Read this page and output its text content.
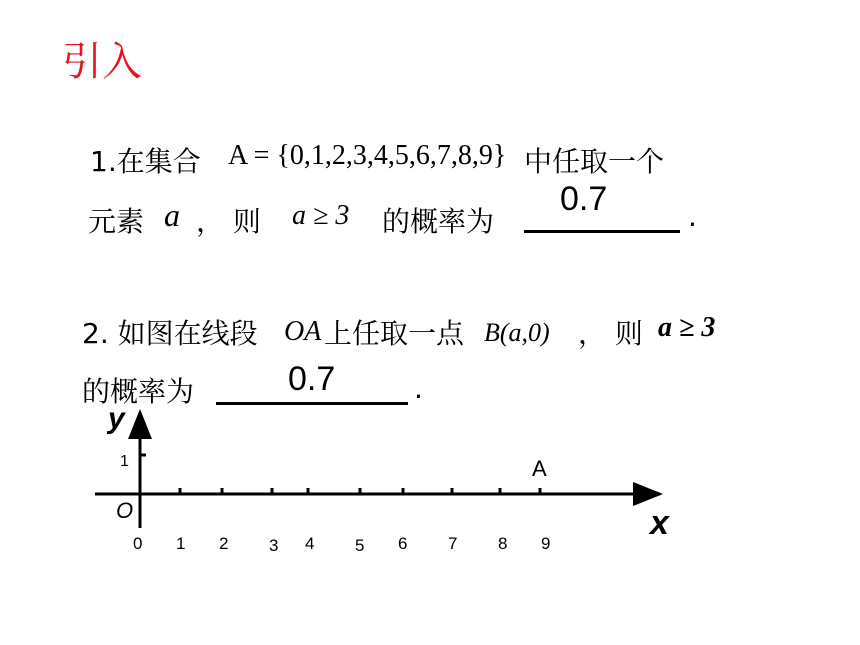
引入
1.在集合 A = {0,1,2,3,4,5,6,7,8,9} 中任取一个
元素 a ， 则 a ≥ 3 的概率为
0.7	.
2. 如图在线段 OA 上任取一点 B(a,0) ， 则 a ≥ 3
的概率为	0.7	.
0 1 2 3 4 5 6 7 8 9
y
x
O
1	A
